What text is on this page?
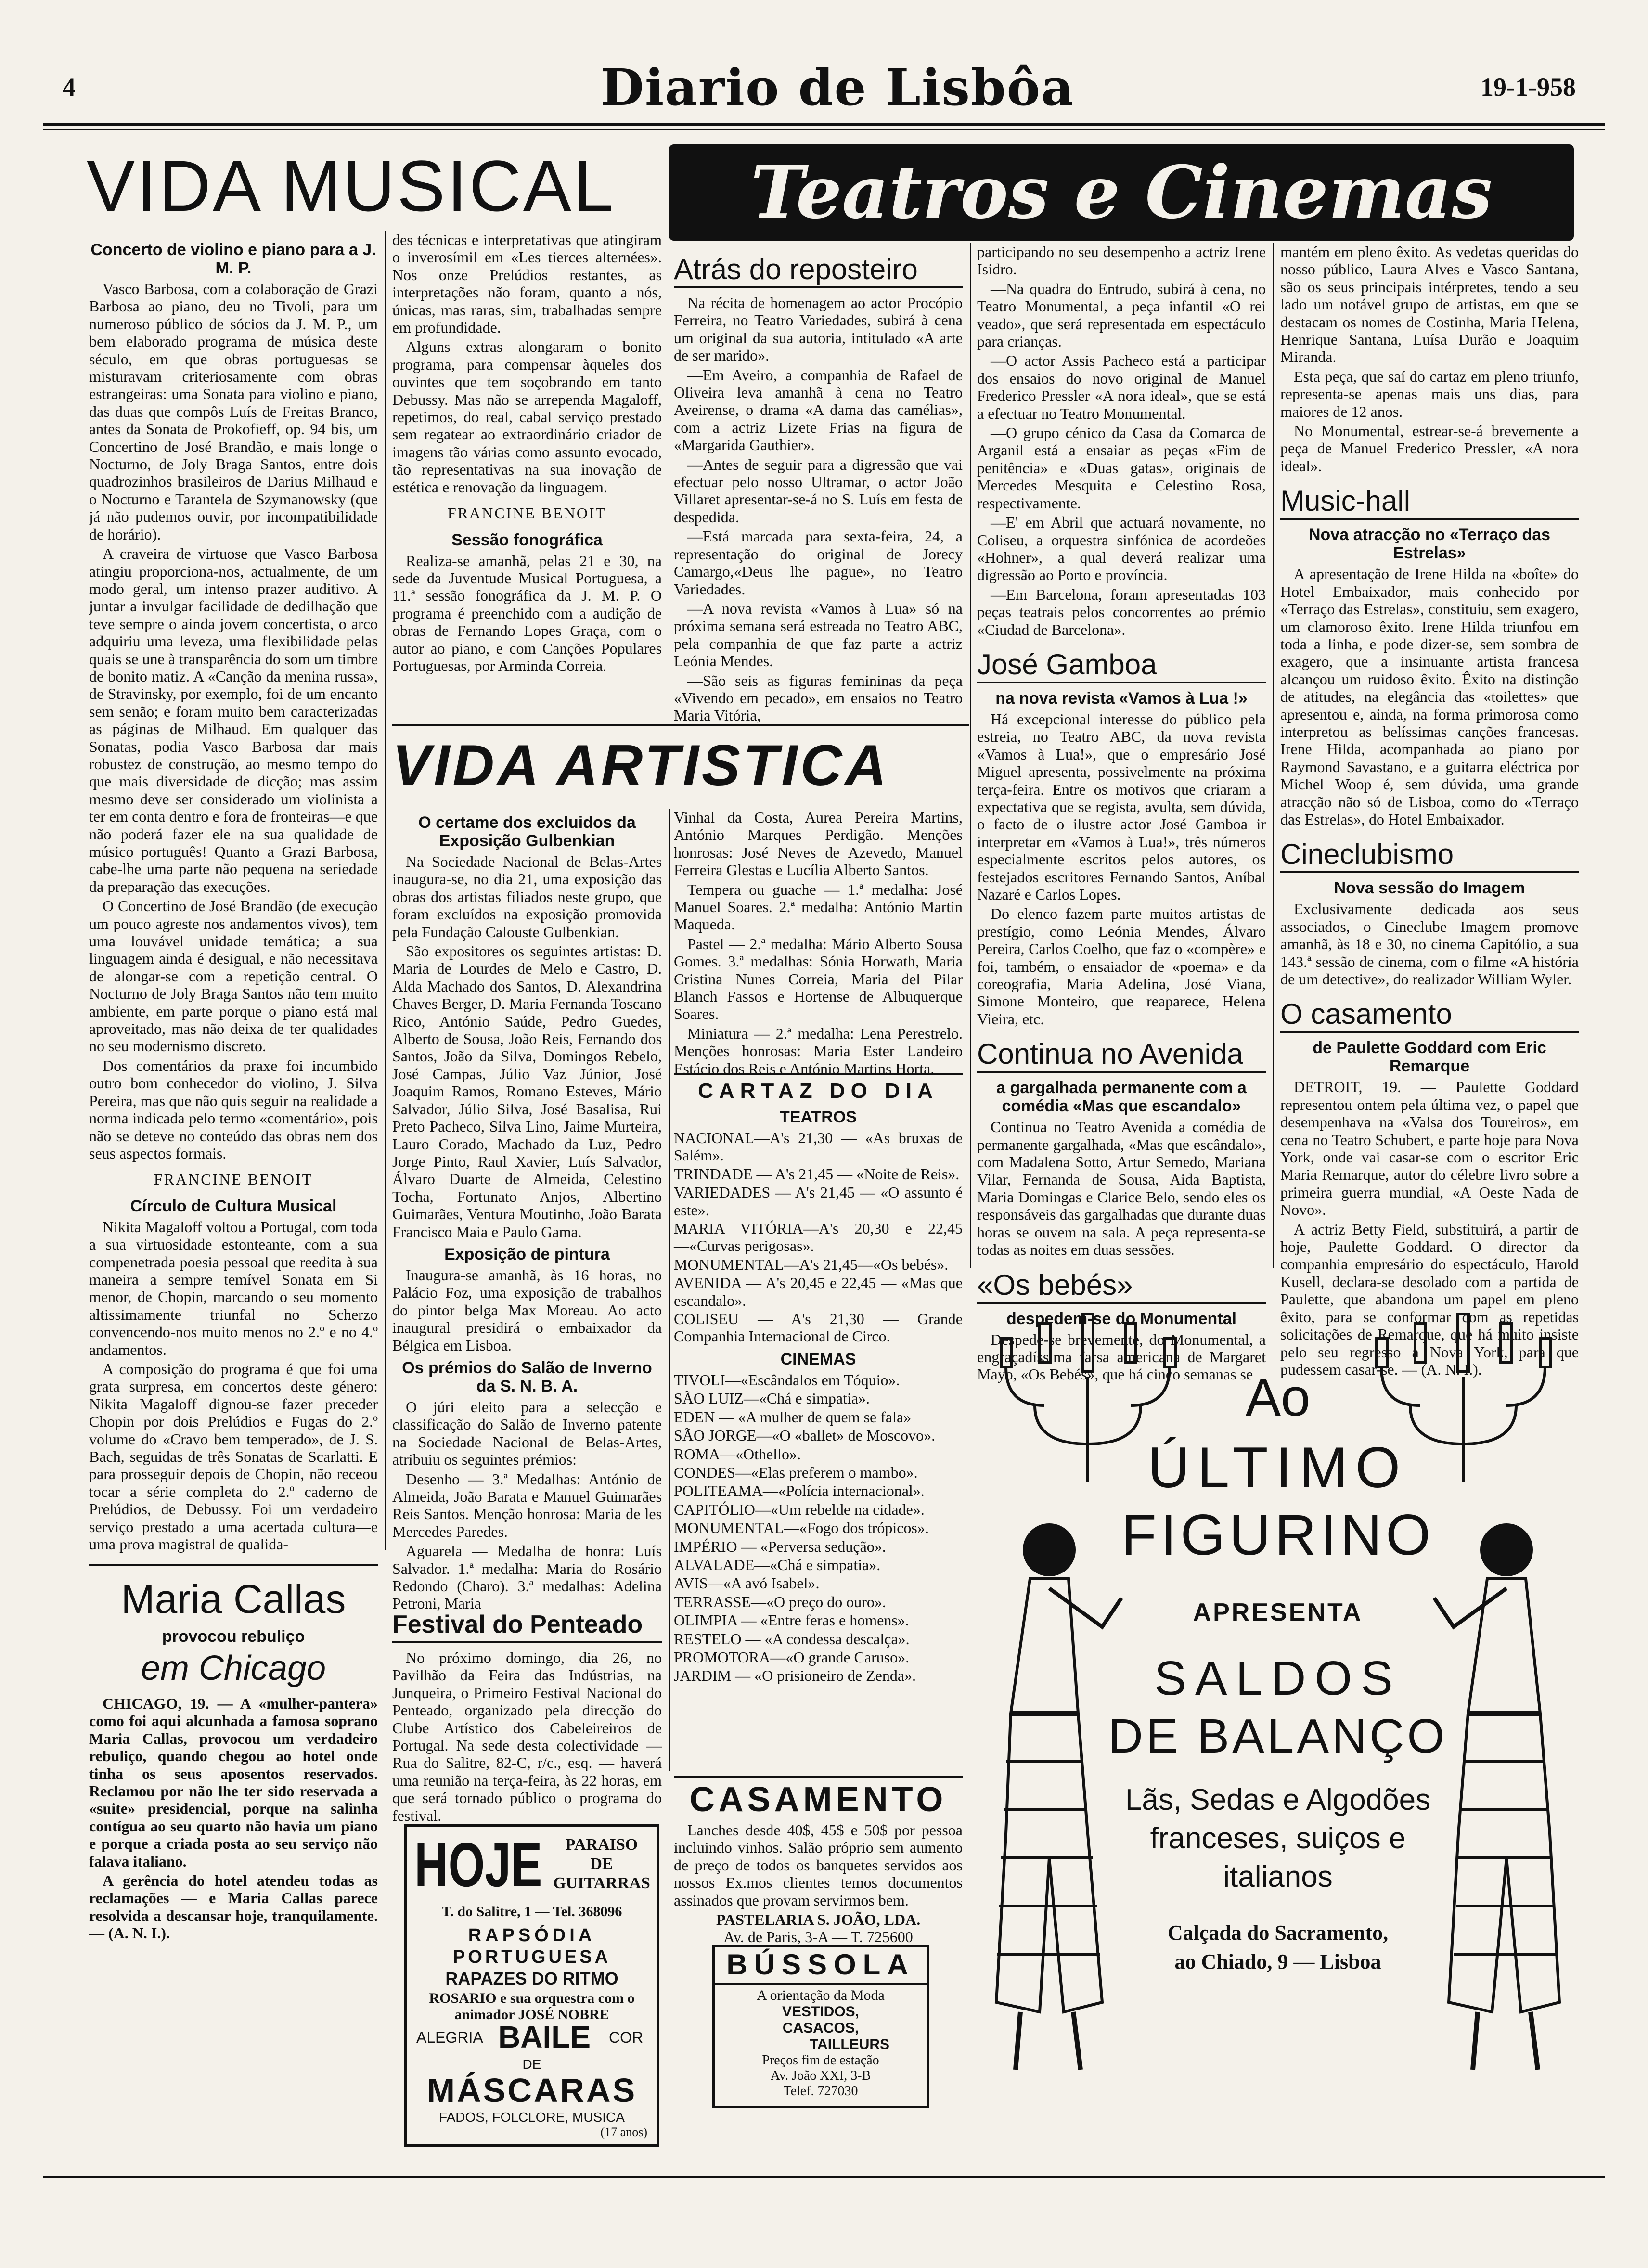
4	Diario de Lisbôa	19-1-958
VIDA MUSICAL
Concerto de violino e piano para a J. M. P.

Vasco Barbosa, com a colaboração de Grazi Barbosa ao piano, deu no Tivoli, para um numeroso público de sócios da J. M. P., um bem elaborado programa de música deste século, em que obras portuguesas se misturavam criteriosamente com obras estrangeiras: uma Sonata para violino e piano, das duas que compôs Luís de Freitas Branco, antes da Sonata de Prokofieff, op. 94 bis, um Concertino de José Brandão, e mais longe o Nocturno, de Joly Braga Santos, entre dois quadrozinhos brasileiros de Darius Milhaud e o Nocturno e Tarantela de Szymanowsky (que já não pudemos ouvir, por incompatibilidade de horário).

A craveira de virtuose que Vasco Barbosa atingiu proporciona-nos, actualmente, de um modo geral, um intenso prazer auditivo. A juntar a invulgar facilidade de dedilhação que teve sempre o ainda jovem concertista, o arco adquiriu uma leveza, uma flexibilidade pelas quais se une à transparência do som um timbre de bonito matiz. A «Canção da menina russa», de Stravinsky, por exemplo, foi de um encanto sem senão; e foram muito bem caracterizadas as páginas de Milhaud. Em qualquer das Sonatas, podia Vasco Barbosa dar mais robustez de construção, ao mesmo tempo do que mais diversidade de dicção; mas assim mesmo deve ser considerado um violinista a ter em conta dentro e fora de fronteiras—e que não poderá fazer ele na sua qualidade de músico português! Quanto a Grazi Barbosa, cabe-lhe uma parte não pequena na seriedade da preparação das execuções.

O Concertino de José Brandão (de execução um pouco agreste nos andamentos vivos), tem uma louvável unidade temática; a sua linguagem ainda é desigual, e não necessitava de alongar-se com a repetição central. O Nocturno de Joly Braga Santos não tem muito ambiente, em parte porque o piano está mal aproveitado, mas não deixa de ter qualidades no seu modernismo discreto.

Dos comentários da praxe foi incumbido outro bom conhecedor do violino, J. Silva Pereira, mas que não quis seguir na realidade a norma indicada pelo termo «comentário», pois não se deteve no conteúdo das obras nem dos seus aspectos formais.

FRANCINE BENOIT
Círculo de Cultura Musical

Nikita Magaloff voltou a Portugal, com toda a sua virtuosidade estonteante, com a sua compenetrada poesia pessoal que reedita à sua maneira a sempre temível Sonata em Si menor, de Chopin, marcando o seu momento altissimamente triunfal no Scherzo convencendo-nos muito menos no 2.º e no 4.º andamentos.

A composição do programa é que foi uma grata surpresa, em concertos deste género: Nikita Magaloff dignou-se fazer preceder Chopin por dois Prelúdios e Fugas do 2.º volume do «Cravo bem temperado», de J. S. Bach, seguidas de três Sonatas de Scarlatti. E para prosseguir depois de Chopin, não receou tocar a série completa do 2.º caderno de Prelúdios, de Debussy. Foi um verdadeiro serviço prestado a uma acertada cultura—e uma prova magistral de qualida-

des técnicas e interpretativas que atingiram o inverosímil em «Les tierces alternées». Nos onze Prelúdios restantes, as interpretações não foram, quanto a nós, únicas, mas raras, sim, trabalhadas sempre em profundidade.

Alguns extras alongaram o bonito programa, para compensar àqueles dos ouvintes que tem soçobrando em tanto Debussy. Mas não se arrependa Magaloff, repetimos, do real, cabal serviço prestado sem regatear ao extraordinário criador de imagens tão várias como assunto evocado, tão representativas na sua inovação de estética e renovação da linguagem.

FRANCINE BENOIT
Sessão fonográfica

Realiza-se amanhã, pelas 21 e 30, na sede da Juventude Musical Portuguesa, a 11.ª sessão fonográfica da J. M. P. O programa é preenchido com a audição de obras de Fernando Lopes Graça, com o autor ao piano, e com Canções Populares Portuguesas, por Arminda Correia.

Teatros e Cinemas
Atrás do reposteiro

Na récita de homenagem ao actor Procópio Ferreira, no Teatro Variedades, subirá à cena um original da sua autoria, intitulado «A arte de ser marido».

—Em Aveiro, a companhia de Rafael de Oliveira leva amanhã à cena no Teatro Aveirense, o drama «A dama das camélias», com a actriz Lizete Frias na figura de «Margarida Gauthier».

—Antes de seguir para a digressão que vai efectuar pelo nosso Ultramar, o actor João Villaret apresentar-se-á no S. Luís em festa de despedida.

—Está marcada para sexta-feira, 24, a representação do original de Jorecy Camargo,«Deus lhe pague», no Teatro Variedades.

—A nova revista «Vamos à Lua» só na próxima semana será estreada no Teatro ABC, pela companhia de que faz parte a actriz Leónia Mendes.

—São seis as figuras femininas da peça «Vivendo em pecado», em ensaios no Teatro Maria Vitória,

participando no seu desempenho a actriz Irene Isidro.

—Na quadra do Entrudo, subirá à cena, no Teatro Monumental, a peça infantil «O rei veado», que será representada em espectáculo para crianças.

—O actor Assis Pacheco está a participar dos ensaios do novo original de Manuel Frederico Pressler «A nora ideal», que se está a efectuar no Teatro Monumental.

—O grupo cénico da Casa da Comarca de Arganil está a ensaiar as peças «Fim de penitência» e «Duas gatas», originais de Mercedes Mesquita e Celestino Rosa, respectivamente.

—E' em Abril que actuará novamente, no Coliseu, a orquestra sinfónica de acordeões «Hohner», a qual deverá realizar uma digressão ao Porto e província.

—Em Barcelona, foram apresentadas 103 peças teatrais pelos concorrentes ao prémio «Ciudad de Barcelona».

José Gamboa
na nova revista «Vamos à Lua !»

Há excepcional interesse do público pela estreia, no Teatro ABC, da nova revista «Vamos à Lua!», que o empresário José Miguel apresenta, possivelmente na próxima terça-feira. Entre os motivos que criaram a expectativa que se regista, avulta, sem dúvida, o facto de o ilustre actor José Gamboa ir interpretar em «Vamos à Lua!», três números especialmente escritos pelos autores, os festejados escritores Fernando Santos, Aníbal Nazaré e Carlos Lopes.

Do elenco fazem parte muitos artistas de prestígio, como Leónia Mendes, Álvaro Pereira, Carlos Coelho, que faz o «compère» e foi, também, o ensaiador de «poema» e da coreografia, Maria Adelina, José Viana, Simone Monteiro, que reaparece, Helena Vieira, etc.

Continua no Avenida
a gargalhada permanente com a comédia «Mas que escandalo»

Continua no Teatro Avenida a comédia de permanente gargalhada, «Mas que escândalo», com Madalena Sotto, Artur Semedo, Mariana Vilar, Fernanda de Sousa, Aida Baptista, Maria Domingas e Clarice Belo, sendo eles os responsáveis das gargalhadas que durante duas horas se ouvem na sala. A peça representa-se todas as noites em duas sessões.

«Os bebés»
despedem-se do Monumental

Despede-se brevemente, do Monumental, a engraçadíssima farsa americana de Margaret Mayo, «Os Bebés», que há cinco semanas se

mantém em pleno êxito. As vedetas queridas do nosso público, Laura Alves e Vasco Santana, são os seus principais intérpretes, tendo a seu lado um notável grupo de artistas, em que se destacam os nomes de Costinha, Maria Helena, Henrique Santana, Luísa Durão e Joaquim Miranda.

Esta peça, que saí do cartaz em pleno triunfo, representa-se apenas mais uns dias, para maiores de 12 anos.

No Monumental, estrear-se-á brevemente a peça de Manuel Frederico Pressler, «A nora ideal».

Music-hall
Nova atracção no «Terraço das Estrelas»

A apresentação de Irene Hilda na «boîte» do Hotel Embaixador, mais conhecido por «Terraço das Estrelas», constituiu, sem exagero, um clamoroso êxito. Irene Hilda triunfou em toda a linha, e pode dizer-se, sem sombra de exagero, que a insinuante artista francesa alcançou um ruidoso êxito. Êxito na distinção de atitudes, na elegância das «toilettes» que apresentou e, ainda, na forma primorosa como interpretou as belíssimas canções francesas. Irene Hilda, acompanhada ao piano por Raymond Savastano, e a guitarra eléctrica por Michel Woop é, sem dúvida, uma grande atracção não só de Lisboa, como do «Terraço das Estrelas», do Hotel Embaixador.

Cineclubismo
Nova sessão do Imagem

Exclusivamente dedicada aos seus associados, o Cineclube Imagem promove amanhã, às 18 e 30, no cinema Capitólio, a sua 143.ª sessão de cinema, com o filme «A história de um detective», do realizador William Wyler.

O casamento
de Paulette Goddard com Eric Remarque

DETROIT, 19. — Paulette Goddard representou ontem pela última vez, o papel que desempenhava na «Valsa dos Toureiros», em cena no Teatro Schubert, e parte hoje para Nova York, onde vai casar-se com o escritor Eric Maria Remarque, autor do célebre livro sobre a primeira guerra mundial, «A Oeste Nada de Novo».

A actriz Betty Field, substituirá, a partir de hoje, Paulette Goddard. O director da companhia empresário do espectáculo, Harold Kusell, declara-se desolado com a partida de Paulette, que abandona um papel em pleno êxito, para se conformar com as repetidas solicitações de Remarque, que há muito insiste pelo seu regresso a Nova York, para que pudessem casar-se. — (A. N. I.).

VIDA ARTISTICA
O certame dos excluidos da Exposição Gulbenkian

Na Sociedade Nacional de Belas-Artes inaugura-se, no dia 21, uma exposição das obras dos artistas filiados neste grupo, que foram excluídos na exposição promovida pela Fundação Calouste Gulbenkian.

São expositores os seguintes artistas: D. Maria de Lourdes de Melo e Castro, D. Alda Machado dos Santos, D. Alexandrina Chaves Berger, D. Maria Fernanda Toscano Rico, António Saúde, Pedro Guedes, Alberto de Sousa, João Reis, Fernando dos Santos, João da Silva, Domingos Rebelo, José Campas, Júlio Vaz Júnior, José Joaquim Ramos, Romano Esteves, Mário Salvador, Júlio Silva, José Basalisa, Rui Preto Pacheco, Silva Lino, Jaime Murteira, Lauro Corado, Machado da Luz, Pedro Jorge Pinto, Raul Xavier, Luís Salvador, Álvaro Duarte de Almeida, Celestino Tocha, Fortunato Anjos, Albertino Guimarães, Ventura Moutinho, João Barata Francisco Maia e Paulo Gama.

Exposição de pintura

Inaugura-se amanhã, às 16 horas, no Palácio Foz, uma exposição de trabalhos do pintor belga Max Moreau. Ao acto inaugural presidirá o embaixador da Bélgica em Lisboa.

Os prémios do Salão de Inverno da S. N. B. A.

O júri eleito para a selecção e classificação do Salão de Inverno patente na Sociedade Nacional de Belas-Artes, atribuiu os seguintes prémios:

Desenho — 3.ª Medalhas: António de Almeida, João Barata e Manuel Guimarães Reis Santos. Menção honrosa: Maria de les Mercedes Paredes.

Aguarela — Medalha de honra: Luís Salvador. 1.ª medalha: Maria do Rosário Redondo (Charo). 3.ª medalhas: Adelina Petroni, Maria

Vinhal da Costa, Aurea Pereira Martins, António Marques Perdigão. Menções honrosas: José Neves de Azevedo, Manuel Ferreira Glestas e Lucília Alberto Santos.

Tempera ou guache — 1.ª medalha: José Manuel Soares. 2.ª medalha: António Martin Maqueda.

Pastel — 2.ª medalha: Mário Alberto Sousa Gomes. 3.ª medalhas: Sónia Horwath, Maria Cristina Nunes Correia, Maria del Pilar Blanch Fassos e Hortense de Albuquerque Soares.

Miniatura — 2.ª medalha: Lena Perestrelo. Menções honrosas: Maria Ester Landeiro Estácio dos Reis e António Martins Horta.

CARTAZ DO DIA
TEATROS

NACIONAL—A's 21,30 — «As bruxas de Salém».

TRINDADE — A's 21,45 — «Noite de Reis».

VARIEDADES — A's 21,45 — «O assunto é este».

MARIA VITÓRIA—A's 20,30 e 22,45 —«Curvas perigosas».

MONUMENTAL—A's 21,45—«Os bebés».

AVENIDA — A's 20,45 e 22,45 — «Mas que escandalo».

COLISEU — A's 21,30 — Grande Companhia Internacional de Circo.

CINEMAS

TIVOLI—«Escândalos em Tóquio».

SÃO LUIZ—«Chá e simpatia».

EDEN — «A mulher de quem se fala»

SÃO JORGE—«O «ballet» de Moscovo».

ROMA—«Othello».

CONDES—«Elas preferem o mambo».

POLITEAMA—«Polícia internacional».

CAPITÓLIO—«Um rebelde na cidade».

MONUMENTAL—«Fogo dos trópicos».

IMPÉRIO — «Perversa sedução».

ALVALADE—«Chá e simpatia».

AVIS—«A avó Isabel».

TERRASSE—«O preço do ouro».

OLIMPIA — «Entre feras e homens».

RESTELO — «A condessa descalça».

PROMOTORA—«O grande Caruso».

JARDIM — «O prisioneiro de Zenda».

Festival do Penteado

No próximo domingo, dia 26, no Pavilhão da Feira das Indústrias, na Junqueira, o Primeiro Festival Nacional do Penteado, organizado pela direcção do Clube Artístico dos Cabeleireiros de Portugal. Na sede desta colectividade — Rua do Salitre, 82-C, r/c., esq. — haverá uma reunião na terça-feira, às 22 horas, em que será tornado público o programa do festival.

Maria Callas
provocou rebuliço
em Chicago

CHICAGO, 19. — A «mulher-pantera» como foi aqui alcunhada a famosa soprano Maria Callas, provocou um verdadeiro rebuliço, quando chegou ao hotel onde tinha os seus aposentos reservados. Reclamou por não lhe ter sido reservada a «suite» presidencial, porque na salinha contígua ao seu quarto não havia um piano e porque a criada posta ao seu serviço não falava italiano.

A gerência do hotel atendeu todas as reclamações — e Maria Callas parece resolvida a descansar hoje, tranquilamente. — (A. N. I.).

HOJE	PARAISO
DE
GUITARRAS
T. do Salitre, 1 — Tel. 368096
RAPSÓDIA
PORTUGUESA
RAPAZES DO RITMO
ROSARIO e sua orquestra com o animador JOSÉ NOBRE
ALEGRIA BAILE COR
DE
MÁSCARAS
FADOS, FOLCLORE, MUSICA
(17 anos)
CASAMENTO

Lanches desde 40$, 45$ e 50$ por pessoa incluindo vinhos. Salão próprio sem aumento de preço de todos os banquetes servidos aos nossos Ex.mos clientes temos documentos assinados que provam servirmos bem.

PASTELARIA S. JOÃO, LDA.
Av. de Paris, 3-A — T. 725600
BÚSSOLA
A orientação da Moda
VESTIDOS,
CASACOS,
TAILLEURS
Preços fim de estação
Av. João XXI, 3-B
Telef. 727030
Ao
ÚLTIMO
FIGURINO
APRESENTA
SALDOS
DE BALANÇO
Lãs, Sedas e Algodões franceses, suiços e italianos
Calçada do Sacramento,
ao Chiado, 9 — Lisboa
